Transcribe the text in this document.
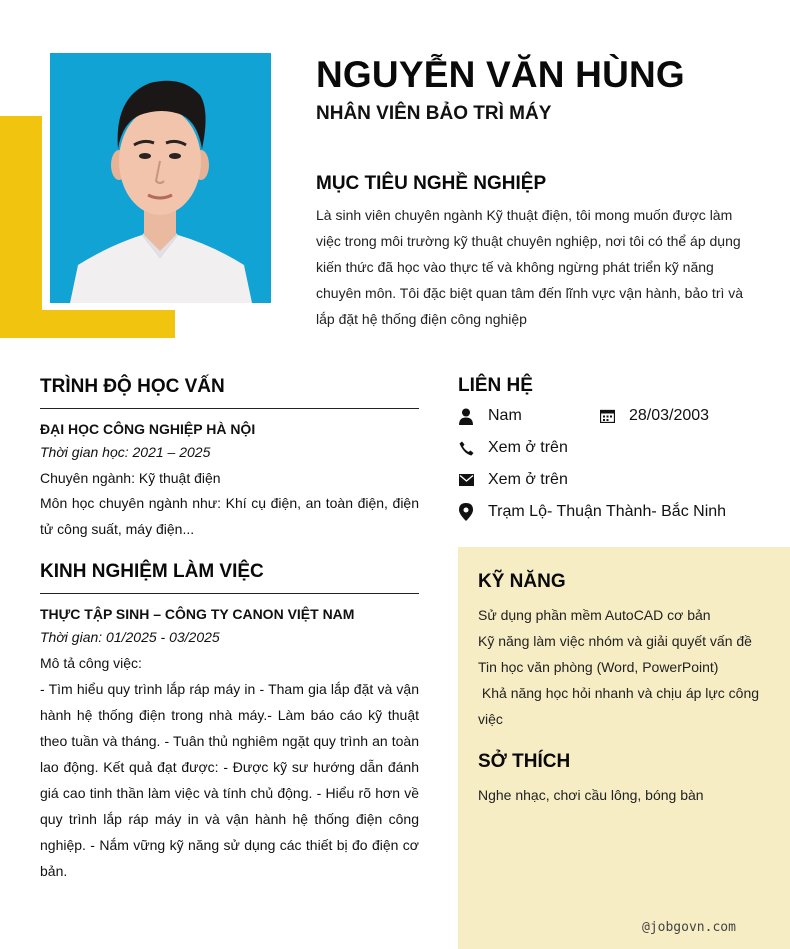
NGUYỄN VĂN HÙNG
NHÂN VIÊN BẢO TRÌ MÁY
MỤC TIÊU NGHỀ NGHIỆP
Là sinh viên chuyên ngành Kỹ thuật điện, tôi mong muốn được làm việc trong môi trường kỹ thuật chuyên nghiệp, nơi tôi có thể áp dụng kiến thức đã học vào thực tế và không ngừng phát triển kỹ năng chuyên môn. Tôi đặc biệt quan tâm đến lĩnh vực vận hành, bảo trì và lắp đặt hệ thống điện công nghiệp
TRÌNH ĐỘ HỌC VẤN
ĐẠI HỌC CÔNG NGHIỆP HÀ NỘI
Thời gian học: 2021 – 2025
Chuyên ngành: Kỹ thuật điện
Môn học chuyên ngành như: Khí cụ điện, an toàn điện, điện tử công suất, máy điện...
KINH NGHIỆM LÀM VIỆC
THỰC TẬP SINH – CÔNG TY CANON VIỆT NAM
Thời gian: 01/2025 - 03/2025
Mô tả công việc:
- Tìm hiểu quy trình lắp ráp máy in - Tham gia lắp đặt và vận hành hệ thống điện trong nhà máy.- Làm báo cáo kỹ thuật theo tuần và tháng. - Tuân thủ nghiêm ngặt quy trình an toàn lao động. Kết quả đạt được: - Được kỹ sư hướng dẫn đánh giá cao tinh thần làm việc và tính chủ động. - Hiểu rõ hơn về quy trình lắp ráp máy in và vận hành hệ thống điện công nghiệp. - Nắm vững kỹ năng sử dụng các thiết bị đo điện cơ bản.
LIÊN HỆ
Nam	28/03/2003
Xem ở trên
Xem ở trên
Trạm Lộ- Thuận Thành- Bắc Ninh
KỸ NĂNG
Sử dụng phần mềm AutoCAD cơ bản
Kỹ năng làm việc nhóm và giải quyết vấn đề
Tin học văn phòng (Word, PowerPoint)
Khả năng học hỏi nhanh và chịu áp lực công việc
SỞ THÍCH
Nghe nhạc, chơi cầu lông, bóng bàn
@jobgovn.com
